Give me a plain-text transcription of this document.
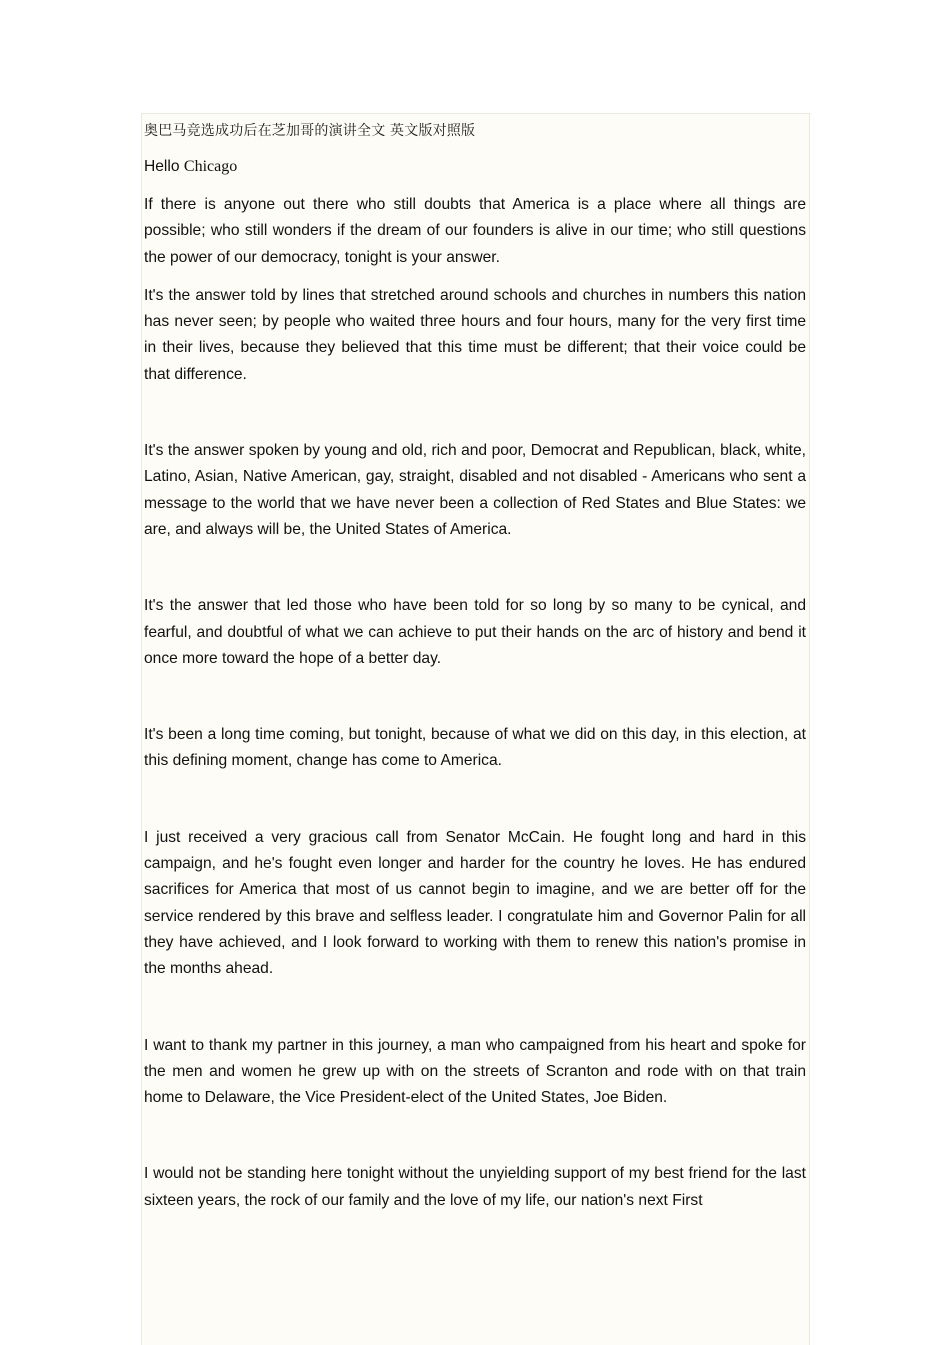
奥巴马竞选成功后在芝加哥的演讲全文 英文版对照版
Hello Chicago

If there is anyone out there who still doubts that America is a place where all things are possible; who still wonders if the dream of our founders is alive in our time; who still questions the power of our democracy, tonight is your answer.

It's the answer told by lines that stretched around schools and churches in numbers this nation has never seen; by people who waited three hours and four hours, many for the very first time in their lives, because they believed that this time must be different; that their voice could be that difference.

It's the answer spoken by young and old, rich and poor, Democrat and Republican, black, white, Latino, Asian, Native American, gay, straight, disabled and not disabled - Americans who sent a message to the world that we have never been a collection of Red States and Blue States: we are, and always will be, the United States of America.

It's the answer that led those who have been told for so long by so many to be cynical, and fearful, and doubtful of what we can achieve to put their hands on the arc of history and bend it once more toward the hope of a better day.

It's been a long time coming, but tonight, because of what we did on this day, in this election, at this defining moment, change has come to America.

I just received a very gracious call from Senator McCain. He fought long and hard in this campaign, and he's fought even longer and harder for the country he loves. He has endured sacrifices for America that most of us cannot begin to imagine, and we are better off for the service rendered by this brave and selfless leader. I congratulate him and Governor Palin for all they have achieved, and I look forward to working with them to renew this nation's promise in the months ahead.

I want to thank my partner in this journey, a man who campaigned from his heart and spoke for the men and women he grew up with on the streets of Scranton and rode with on that train home to Delaware, the Vice President-elect of the United States, Joe Biden.

I would not be standing here tonight without the unyielding support of my best friend for the last sixteen years, the rock of our family and the love of my life, our nation's next First
